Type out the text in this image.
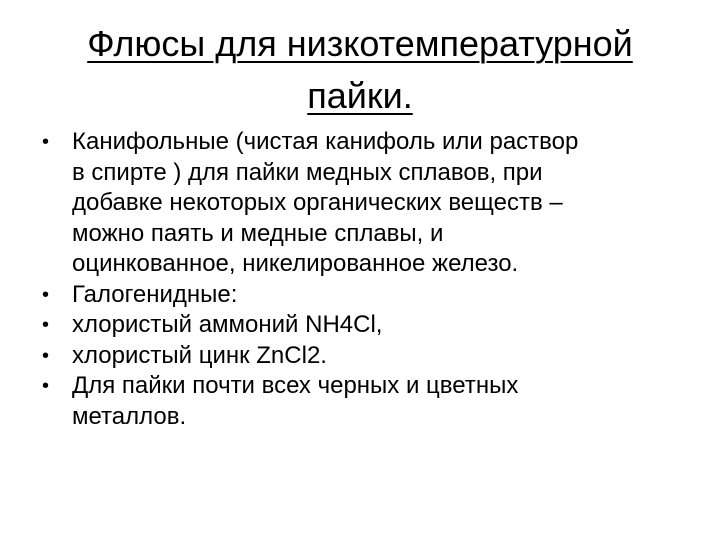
Флюсы для низкотемпературной
пайки.
• Канифольные (чистая канифоль или раствор
в спирте ) для пайки медных сплавов, при
добавке некоторых органических веществ –
можно паять и медные сплавы, и
оцинкованное, никелированное железо.
• Галогенидные:
• хлористый аммоний NH4Cl,
• хлористый цинк ZnCl2.
• Для пайки почти всех черных и цветных
металлов.
